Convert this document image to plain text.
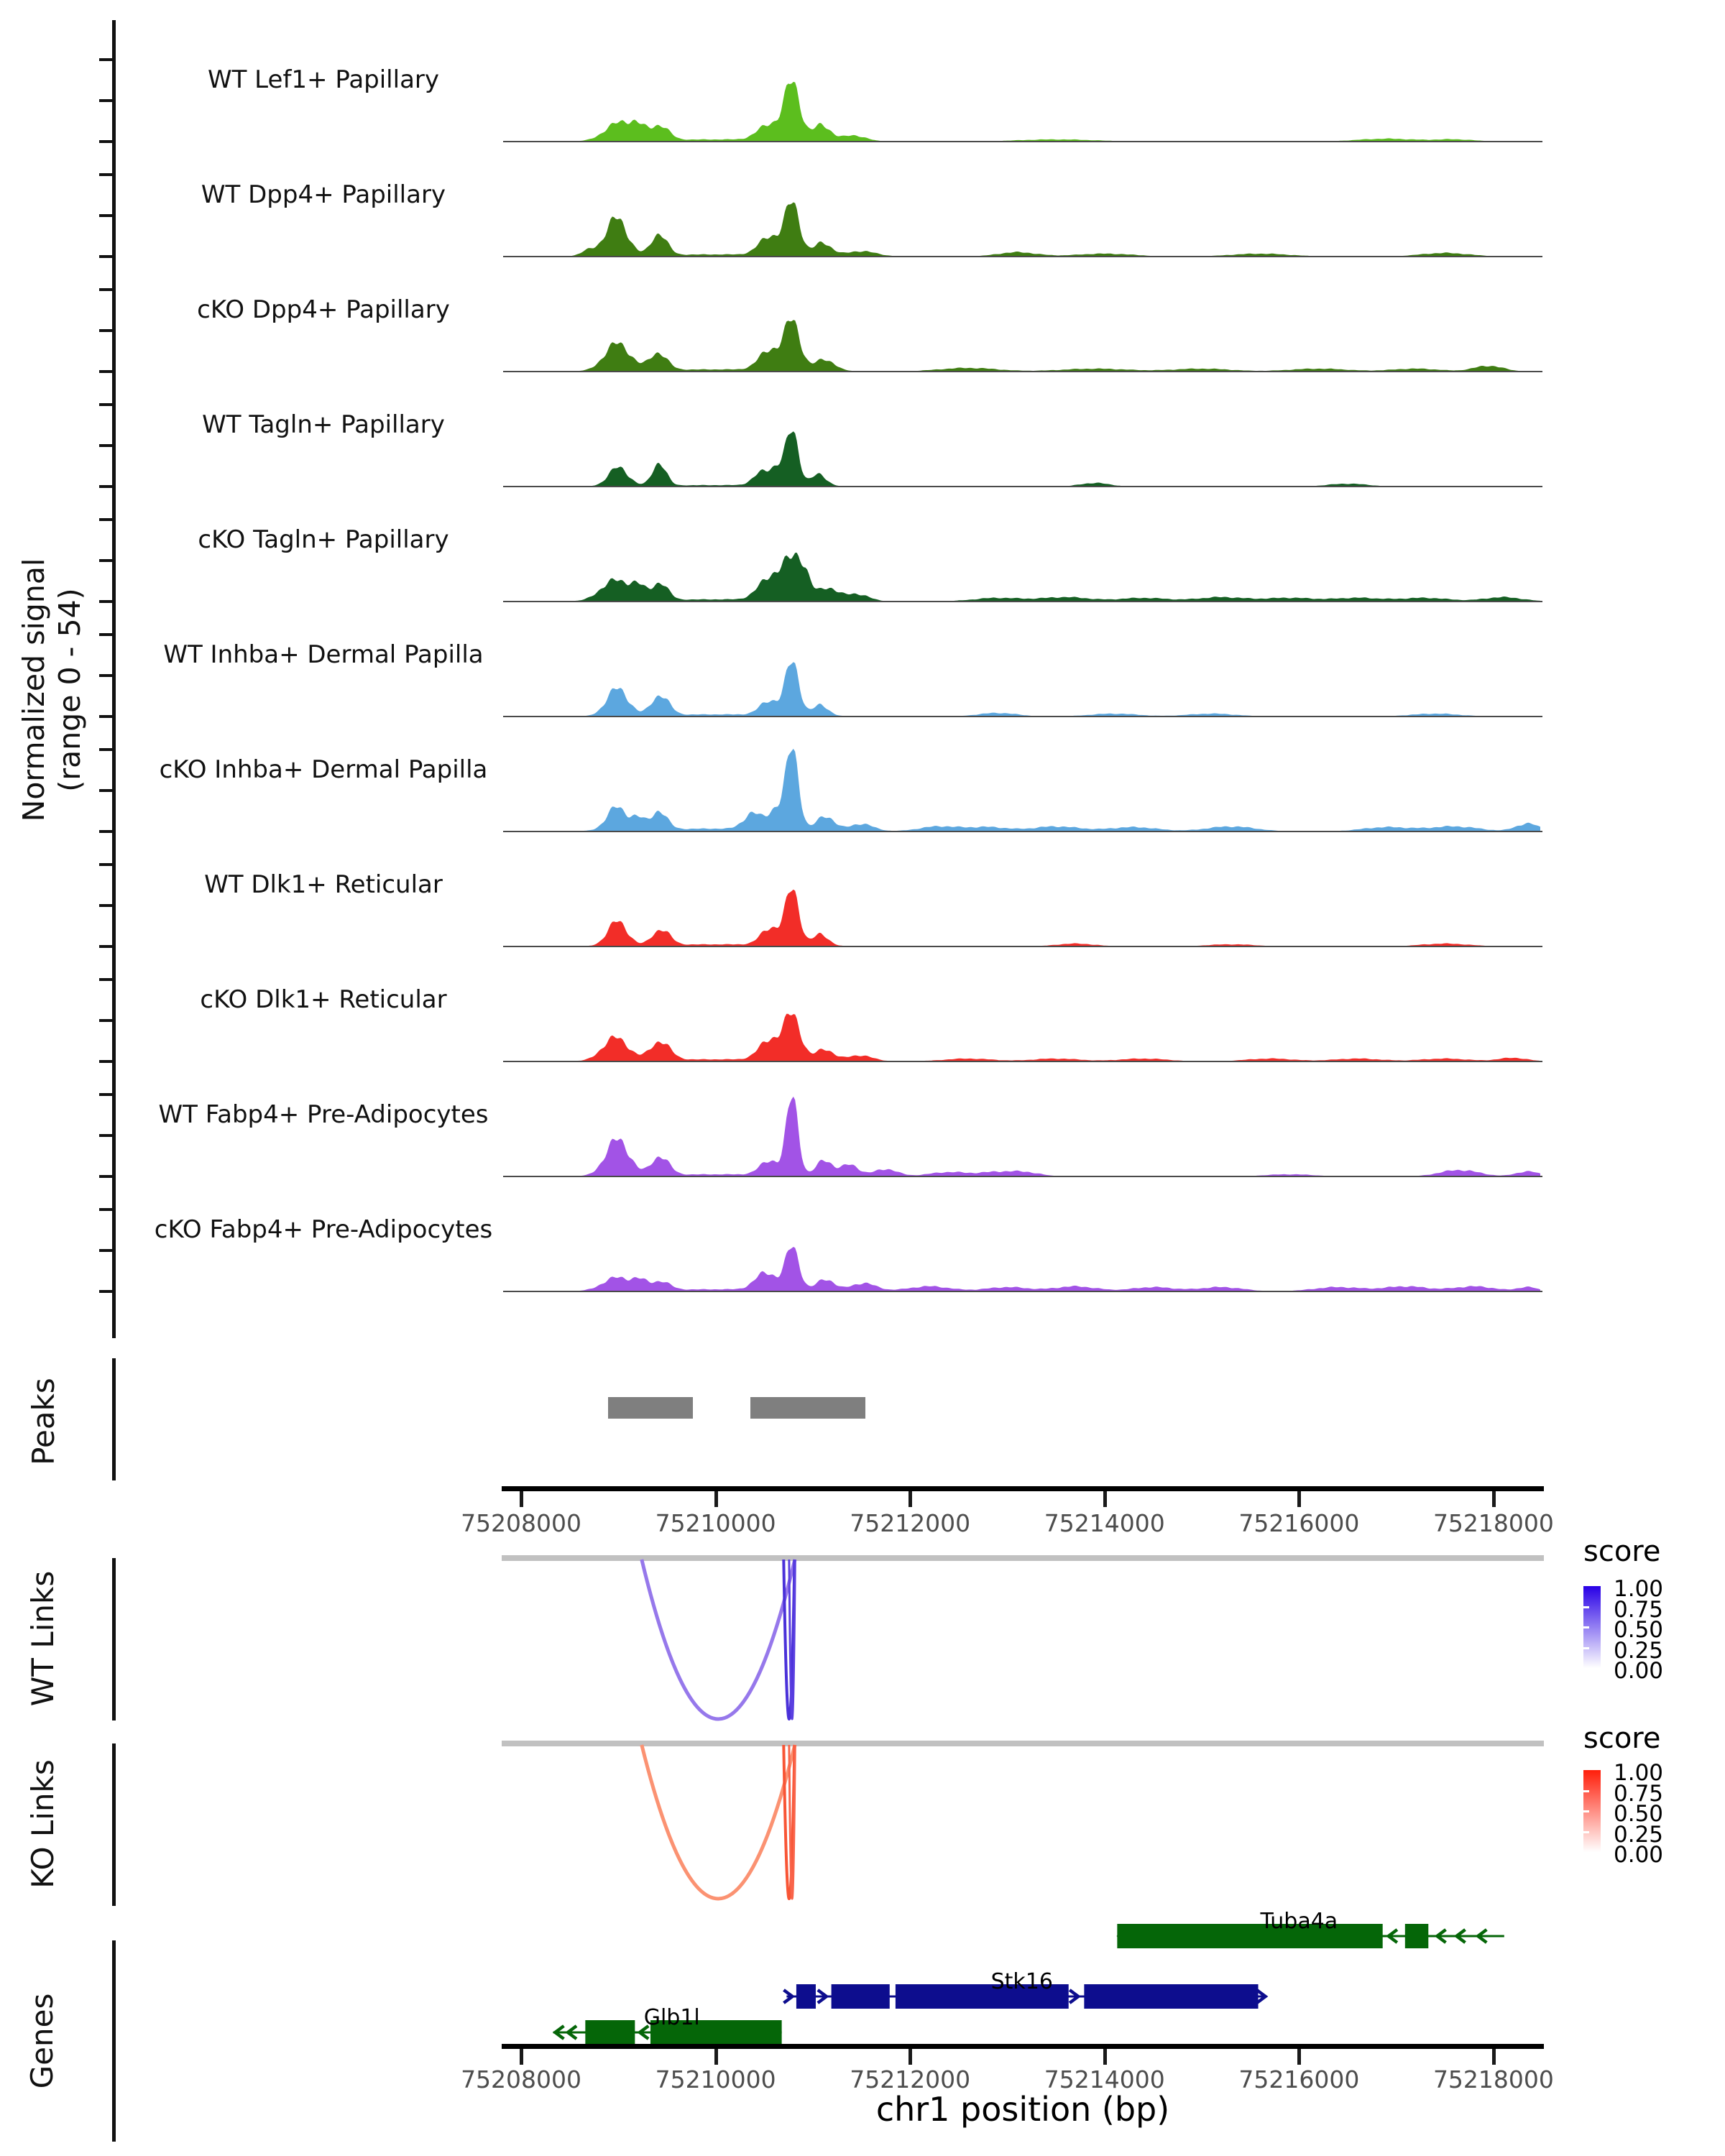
Normalized signal (range 0 - 54)
WT Lef1+ Papillary
WT Dpp4+ Papillary
cKO Dpp4+ Papillary
WT Tagln+ Papillary
cKO Tagln+ Papillary
WT Inhba+ Dermal Papilla
cKO Inhba+ Dermal Papilla
WT Dlk1+ Reticular
cKO Dlk1+ Reticular
WT Fabp4+ Pre-Adipocytes
cKO Fabp4+ Pre-Adipocytes
Peaks
75208000	75210000	75212000	75214000	75216000	75218000
WT Links
score
1.00
0.75
0.50
0.25
0.00
KO Links
score
1.00
0.75
0.50
0.25
0.00
Genes
Tuba4a
Stk16
Glb1l
75208000	75210000	75212000	75214000	75216000	75218000
chr1 position (bp)
